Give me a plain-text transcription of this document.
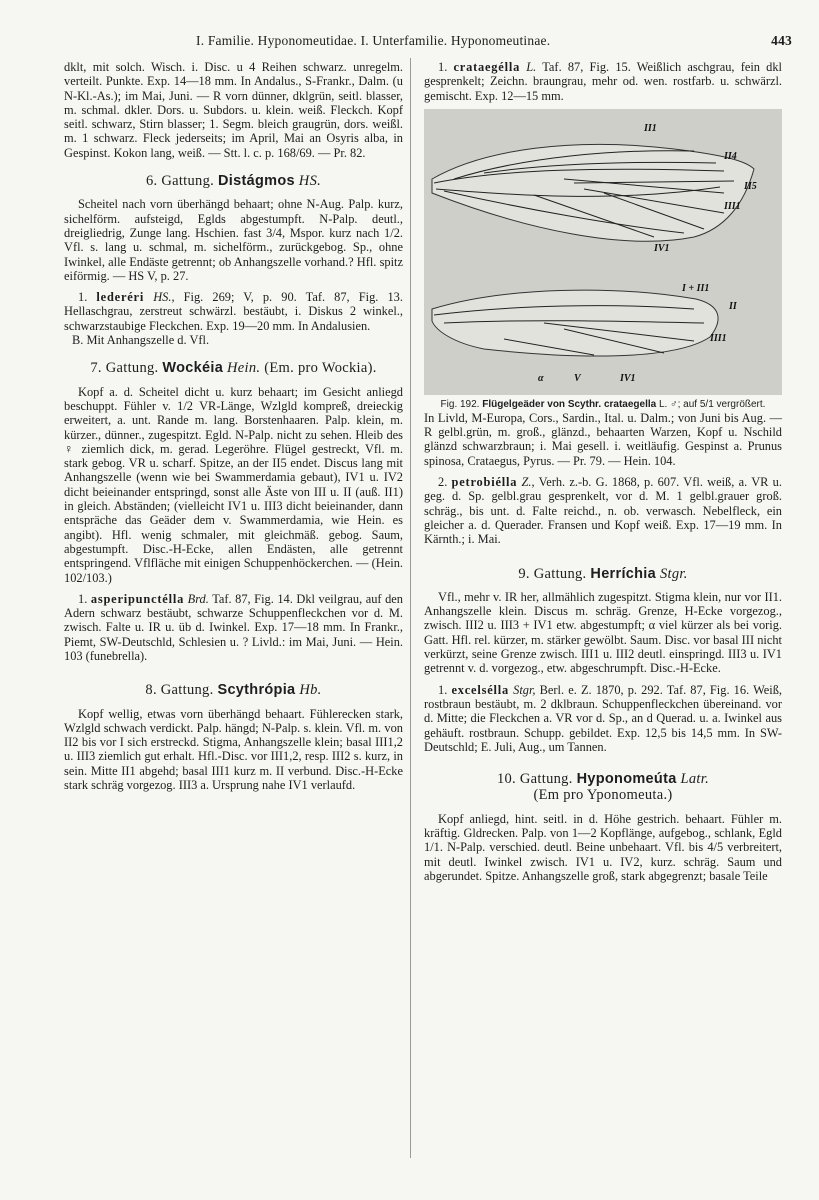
I. Familie. Hyponomeutidae. I. Unterfamilie. Hyponomeutinae.	443

dklt, mit solch. Wisch. i. Disc. u 4 Reihen schwarz. unregelm. verteilt. Punkte. Exp. 14—18 mm. In Andalus., S-Frankr., Dalm. (u N-Kl.-As.); im Mai, Juni. — R vorn dünner, dklgrün, seitl. blasser, m. schmal. dkler. Dors. u. Subdors. u. klein. weiß. Fleckch. Kopf seitl. schwarz, Stirn blasser; 1. Segm. bleich graugrün, dors. weißl. m. 1 schwarz. Fleck jederseits; im April, Mai an Osyris alba, in Gespinst. Kokon lang, weiß. — Stt. l. c. p. 168/69. — Pr. 82.

6. Gattung. Distágmos HS.

Scheitel nach vorn überhängd behaart; ohne N-Aug. Palp. kurz, sichelförm. aufsteigd, Eglds abgestumpft. N-Palp. deutl., dreigliedrig, Zunge lang. Hschien. fast 3/4, Mspor. kurz nach 1/2. Vfl. s. lang u. schmal, m. sichelförm., zurückgebog. Sp., ohne Iwinkel, alle Endäste getrennt; ob Anhangszelle vorhand.? Hfl. spitz eiförmig. — HS V, p. 27.

1. lederéri HS., Fig. 269; V, p. 90. Taf. 87, Fig. 13. Hellaschgrau, zerstreut schwärzl. bestäubt, i. Diskus 2 winkel., schwarzstaubige Fleckchen. Exp. 19—20 mm. In Andalusien.

B. Mit Anhangszelle d. Vfl.

7. Gattung. Wockéia Hein. (Em. pro Wockia).

Kopf a. d. Scheitel dicht u. kurz behaart; im Gesicht anliegd beschuppt. Fühler v. 1/2 VR-Länge, Wzlgld kompreß, dreieckig erweitert, a. unt. Rande m. lang. Borstenhaaren. Palp. klein, m. kürzer., dünner., zugespitzt. Egld. N-Palp. nicht zu sehen. Hleib des ♀ ziemlich dick, m. gerad. Legeröhre. Flügel gestreckt, Vfl. m. stark gebog. VR u. scharf. Spitze, an der II5 endet. Discus lang mit Anhangszelle (wenn wie bei Swammerdamia gebaut), IV1 u. IV2 dicht beieinander entspringd, sonst alle Äste von III u. II (auß. II1) in gleich. Abständen; (vielleicht IV1 u. III3 dicht beieinander, dann entspräche das Geäder dem v. Swammerdamia, wie Hein. es angibt). Hfl. wenig schmaler, mit gleichmäß. gebog. Saum, abgestumpft. Disc.-H-Ecke, allen Endästen, alle getrennt entspringend. Vflfläche mit einigen Schuppenhöckerchen. — (Hein. 102/103.)

1. asperipunctélla Brd. Taf. 87, Fig. 14. Dkl veilgrau, auf den Adern schwarz bestäubt, schwarze Schuppenfleckchen vor d. M. zwisch. Falte u. IR u. üb d. Iwinkel. Exp. 17—18 mm. In Frankr., Piemt, SW-Deutschld, Schlesien u. ? Livld.: im Mai, Juni. — Hein. 103 (funebrella).

8. Gattung. Scythrópia Hb.

Kopf wellig, etwas vorn überhängd behaart. Fühlerecken stark, Wzlgld schwach verdickt. Palp. hängd; N-Palp. s. klein. Vfl. m. von II2 bis vor I sich erstreckd. Stigma, Anhangszelle klein; basal III1,2 u. III3 ziemlich gut erhalt. Hfl.-Disc. vor III1,2, resp. III2 s. kurz, in sein. Mitte II1 abgehd; basal III1 kurz m. II verbund. Disc.-H-Ecke stark schräg vorgezog. III3 a. Ursprung nahe IV1 verlaufd.

1. crataegélla L. Taf. 87, Fig. 15. Weißlich aschgrau, fein dkl gesprenkelt; Zeichn. braungrau, mehr od. wen. rostfarb. u. schwärzl. gemischt. Exp. 12—15 mm.

II1
II4
II5
III1
IV1
I + II1
II
III1
α	V	IV1

Fig. 192. Flügelgeäder von Scythr. crataegella L. ♂; auf 5/1 vergrößert.

In Livld, M-Europa, Cors., Sardin., Ital. u. Dalm.; von Juni bis Aug. — R gelbl.grün, m. groß., glänzd., behaarten Warzen, Kopf u. Nschild glänzd schwarzbraun; i. Mai gesell. i. weitläufig. Gespinst a. Prunus spinosa, Crataegus, Pyrus. — Pr. 79. — Hein. 104.

2. petrobiélla Z., Verh. z.-b. G. 1868, p. 607. Vfl. weiß, a. VR u. geg. d. Sp. gelbl.grau gesprenkelt, vor d. M. 1 gelbl.grauer groß. schräg., bis unt. d. Falte reichd., n. ob. verwasch. Nebelfleck, ein gleicher a. d. Querader. Fransen und Kopf weiß. Exp. 17—19 mm. In Kärnth.; i. Mai.

9. Gattung. Herríchia Stgr.

Vfl., mehr v. IR her, allmählich zugespitzt. Stigma klein, nur vor II1. Anhangszelle klein. Discus m. schräg. Grenze, H-Ecke vorgezog., zwisch. III2 u. III3 + IV1 etw. abgestumpft; α viel kürzer als bei vorig. Gatt. Hfl. rel. kürzer, m. stärker gewölbt. Saum. Disc. vor basal III nicht verkürzt, seine Grenze zwisch. III1 u. III2 deutl. einspringd. III3 u. IV1 getrennt v. d. vorgezog., etw. abgeschrumpft. Disc.-H-Ecke.

1. excelsélla Stgr, Berl. e. Z. 1870, p. 292. Taf. 87, Fig. 16. Weiß, rostbraun bestäubt, m. 2 dklbraun. Schuppenfleckchen übereinand. vor d. Mitte; die Fleckchen a. VR vor d. Sp., an d Querad. u. a. Iwinkel aus gehäuft. rostbraun. Schupp. gebildet. Exp. 12,5 bis 14,5 mm. In SW-Deutschld; E. Juli, Aug., um Tannen.

10. Gattung. Hyponomeúta Latr.
(Em pro Yponomeuta.)

Kopf anliegd, hint. seitl. in d. Höhe gestrich. behaart. Fühler m. kräftig. Gldrecken. Palp. von 1—2 Kopflänge, aufgebog., schlank, Egld 1/1. N-Palp. verschied. deutl. Beine unbehaart. Vfl. bis 4/5 verbreitert, mit deutl. Iwinkel zwisch. IV1 u. IV2, kurz. schräg. Saum und abgerundet. Spitze. Anhangszelle groß, stark abgegrenzt; basale Teile
